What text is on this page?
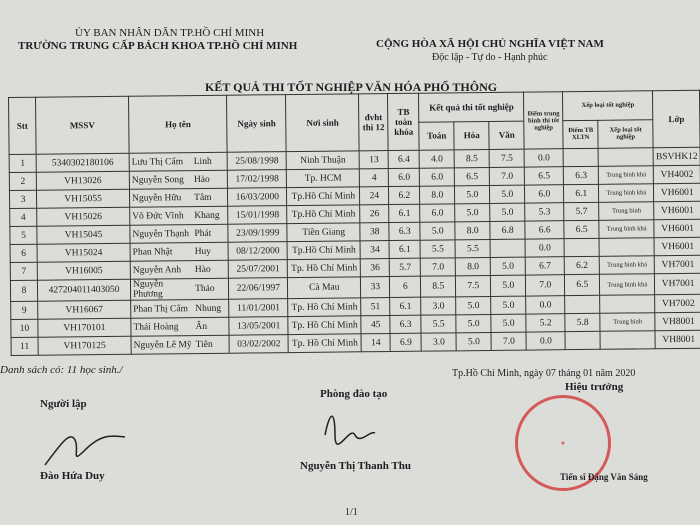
ỦY BAN NHÂN DÂN TP.HỒ CHÍ MINH
TRƯỜNG TRUNG CẤP BÁCH KHOA TP.HỒ CHÍ MINH	CỘNG HÒA XÃ HỘI CHỦ NGHĨA VIỆT NAM
Độc lập - Tự do - Hạnh phúc
KẾT QUẢ THI TỐT NGHIỆP VĂN HÓA PHỔ THÔNG
Stt	MSSV	Họ tên		Ngày sinh	Nơi sinh	đvht thi 12	TB toàn khóa	Kết quả thi tốt nghiệp			Điểm trung bình thi tốt nghiệp	Xếp loại tốt nghiệp		Lớp
								Toán	Hóa	Văn		Điểm TB XLTN	Xếp loại tốt nghiệp	
1	5340302180106	Lưu Thị Cẩm	Linh	25/08/1998	Ninh Thuận	13	6.4	4.0	8.5	7.5	0.0			BSVHK12
2	VH13026	Nguyễn Song	Hảo	17/02/1998	Tp. HCM	4	6.0	6.0	6.5	7.0	6.5	6.3	Trung bình khá	VH4002
3	VH15055	Nguyễn Hữu	Tâm	16/03/2000	Tp.Hồ Chí Minh	24	6.2	8.0	5.0	5.0	6.0	6.1	Trung bình khá	VH6001
4	VH15026	Võ Đức Vĩnh	Khang	15/01/1998	Tp.Hồ Chí Minh	26	6.1	6.0	5.0	5.0	5.3	5.7	Trung bình	VH6001
5	VH15045	Nguyễn Thạnh	Phát	23/09/1999	Tiền Giang	38	6.3	5.0	8.0	6.8	6.6	6.5	Trung bình khá	VH6001
6	VH15024	Phan Nhật	Huy	08/12/2000	Tp.Hồ Chí Minh	34	6.1	5.5	5.5		0.0			VH6001
7	VH16005	Nguyễn Anh	Hào	25/07/2001	Tp. Hồ Chí Minh	36	5.7	7.0	8.0	5.0	6.7	6.2	Trung bình khá	VH7001
8	427204011403050	Nguyễn Phương	Thảo	22/06/1997	Cà Mau	33	6	8.5	7.5	5.0	7.0	6.5	Trung bình khá	VH7001
9	VH16067	Phan Thị Cẩm	Nhung	11/01/2001	Tp. Hồ Chí Minh	51	6.1	3.0	5.0	5.0	0.0			VH7002
10	VH170101	Thái Hoàng	Ân	13/05/2001	Tp. Hồ Chí Minh	45	6.3	5.5	5.0	5.0	5.2	5.8	Trung bình	VH8001
11	VH170125	Nguyễn Lê Mỹ	Tiên	03/02/2002	Tp. Hồ Chí Minh	14	6.9	3.0	5.0	7.0	0.0			VH8001
Danh sách có: 11 học sinh./	Tp.Hồ Chí Minh, ngày 07 tháng 01 năm 2020
Hiệu trưởng
Phòng đào tạo
Người lập
★
Đào Hứa Duy
Nguyễn Thị Thanh Thu
Tiến sĩ Đặng Văn Sáng
1/1
